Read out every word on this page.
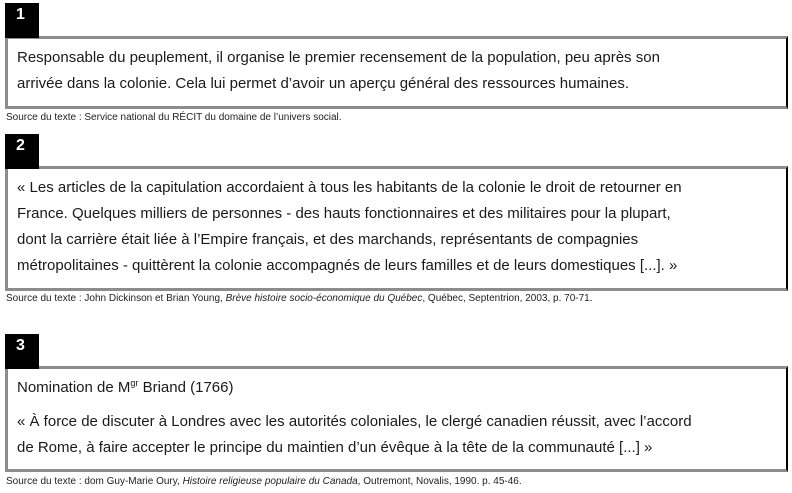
1

Responsable du peuplement, il organise le premier recensement de la population, peu après son

arrivée dans la colonie. Cela lui permet d’avoir un aperçu général des ressources humaines.

Source du texte : Service national du RÉCIT du domaine de l’univers social.
2

« Les articles de la capitulation accordaient à tous les habitants de la colonie le droit de retourner en

France. Quelques milliers de personnes - des hauts fonctionnaires et des militaires pour la plupart,

dont la carrière était liée à l’Empire français, et des marchands, représentants de compagnies

métropolitaines - quittèrent la colonie accompagnés de leurs familles et de leurs domestiques [...]. »

Source du texte : John Dickinson et Brian Young, Brève histoire socio-économique du Québec, Québec, Septentrion, 2003, p. 70-71.
3

Nomination de $M^{gr}$ Briand (1766)

« À force de discuter à Londres avec les autorités coloniales, le clergé canadien réussit, avec l’accord

de Rome, à faire accepter le principe du maintien d’un évêque à la tête de la communauté [...] »

Source du texte : dom Guy-Marie Oury, Histoire religieuse populaire du Canada, Outremont, Novalis, 1990. p. 45-46.
